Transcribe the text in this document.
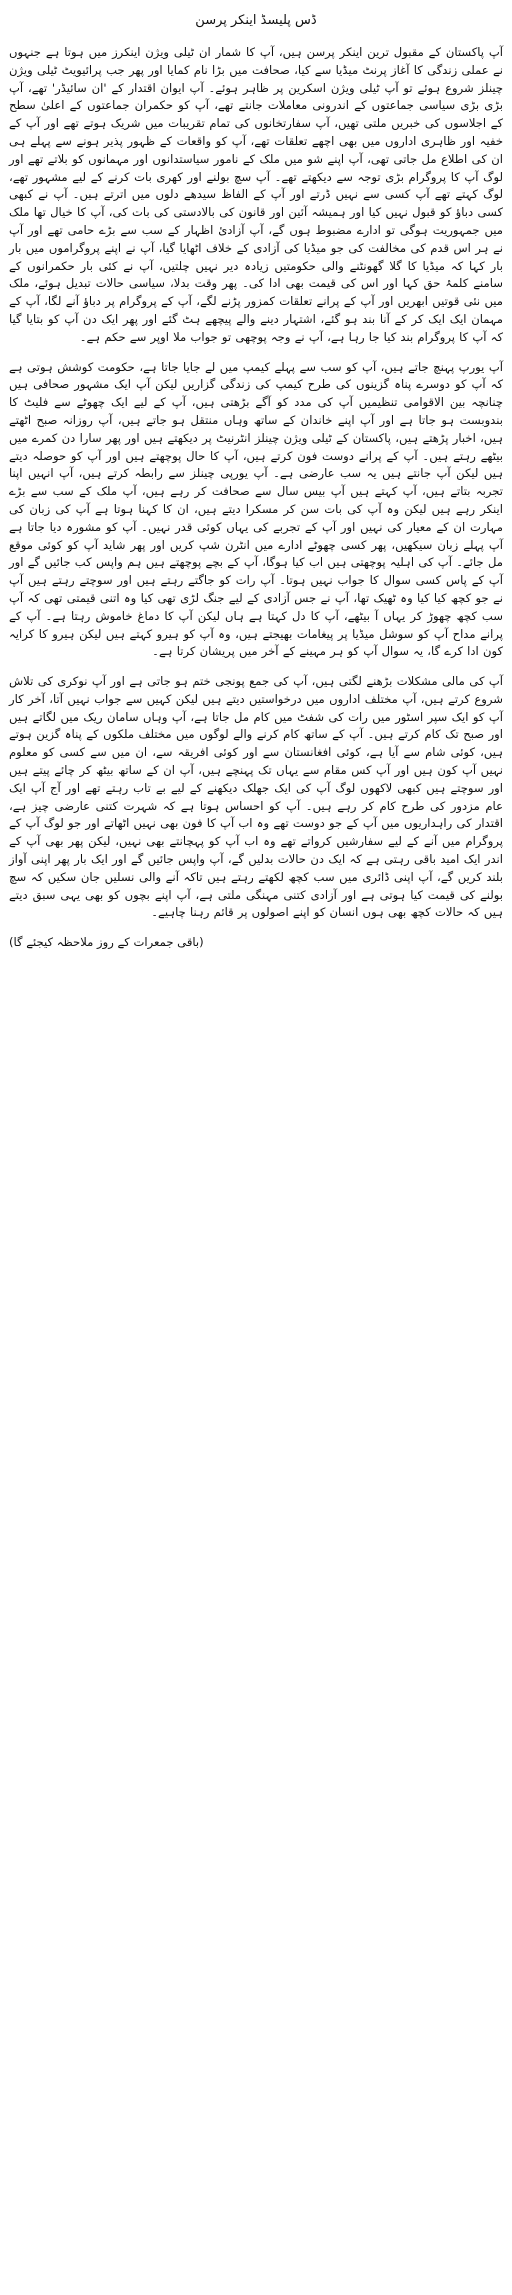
ڈس پلیسڈ اینکر پرسن

آپ پاکستان کے مقبول ترین اینکر پرسن ہیں، آپ کا شمار ان ٹیلی ویژن اینکرز میں ہوتا ہے جنہوں نے عملی زندگی کا آغاز پرنٹ میڈیا سے کیا، صحافت میں بڑا نام کمایا اور پھر جب پرائیویٹ ٹیلی ویژن چینلز شروع ہوئے تو آپ ٹیلی ویژن اسکرین پر ظاہر ہوئے۔ آپ ایوان اقتدار کے 'ان سائیڈر' تھے، آپ بڑی بڑی سیاسی جماعتوں کے اندرونی معاملات جانتے تھے، آپ کو حکمران جماعتوں کے اعلیٰ سطح کے اجلاسوں کی خبریں ملتی تھیں، آپ سفارتخانوں کی تمام تقریبات میں شریک ہوتے تھے اور آپ کے خفیہ اور ظاہری اداروں میں بھی اچھے تعلقات تھے، آپ کو واقعات کے ظہور پذیر ہونے سے پہلے ہی ان کی اطلاع مل جاتی تھی، آپ اپنے شو میں ملک کے نامور سیاستدانوں اور مہمانوں کو بلاتے تھے اور لوگ آپ کا پروگرام بڑی توجہ سے دیکھتے تھے۔ آپ سچ بولنے اور کھری بات کرنے کے لیے مشہور تھے، لوگ کہتے تھے آپ کسی سے نہیں ڈرتے اور آپ کے الفاظ سیدھے دلوں میں اترتے ہیں۔ آپ نے کبھی کسی دباؤ کو قبول نہیں کیا اور ہمیشہ آئین اور قانون کی بالادستی کی بات کی، آپ کا خیال تھا ملک میں جمہوریت ہوگی تو ادارے مضبوط ہوں گے، آپ آزادیٔ اظہار کے سب سے بڑے حامی تھے اور آپ نے ہر اس قدم کی مخالفت کی جو میڈیا کی آزادی کے خلاف اٹھایا گیا، آپ نے اپنے پروگراموں میں بار بار کہا کہ میڈیا کا گلا گھونٹنے والی حکومتیں زیادہ دیر نہیں چلتیں، آپ نے کئی بار حکمرانوں کے سامنے کلمۂ حق کہا اور اس کی قیمت بھی ادا کی۔ پھر وقت بدلا، سیاسی حالات تبدیل ہوئے، ملک میں نئی قوتیں ابھریں اور آپ کے پرانے تعلقات کمزور پڑنے لگے، آپ کے پروگرام پر دباؤ آنے لگا، آپ کے مہمان ایک ایک کر کے آنا بند ہو گئے، اشتہار دینے والے پیچھے ہٹ گئے اور پھر ایک دن آپ کو بتایا گیا کہ آپ کا پروگرام بند کیا جا رہا ہے، آپ نے وجہ پوچھی تو جواب ملا اوپر سے حکم ہے۔

آپ یورپ پہنچ جاتے ہیں، آپ کو سب سے پہلے کیمپ میں لے جایا جاتا ہے، حکومت کوشش ہوتی ہے کہ آپ کو دوسرے پناہ گزینوں کی طرح کیمپ کی زندگی گزاریں لیکن آپ ایک مشہور صحافی ہیں چنانچہ بین الاقوامی تنظیمیں آپ کی مدد کو آگے بڑھتی ہیں، آپ کے لیے ایک چھوٹے سے فلیٹ کا بندوبست ہو جاتا ہے اور آپ اپنے خاندان کے ساتھ وہاں منتقل ہو جاتے ہیں، آپ روزانہ صبح اٹھتے ہیں، اخبار پڑھتے ہیں، پاکستان کے ٹیلی ویژن چینلز انٹرنیٹ پر دیکھتے ہیں اور پھر سارا دن کمرے میں بیٹھے رہتے ہیں۔ آپ کے پرانے دوست فون کرتے ہیں، آپ کا حال پوچھتے ہیں اور آپ کو حوصلہ دیتے ہیں لیکن آپ جانتے ہیں یہ سب عارضی ہے۔ آپ یورپی چینلز سے رابطہ کرتے ہیں، آپ انہیں اپنا تجربہ بتاتے ہیں، آپ کہتے ہیں آپ بیس سال سے صحافت کر رہے ہیں، آپ ملک کے سب سے بڑے اینکر رہے ہیں لیکن وہ آپ کی بات سن کر مسکرا دیتے ہیں، ان کا کہنا ہوتا ہے آپ کی زبان کی مہارت ان کے معیار کی نہیں اور آپ کے تجربے کی یہاں کوئی قدر نہیں۔ آپ کو مشورہ دیا جاتا ہے آپ پہلے زبان سیکھیں، پھر کسی چھوٹے ادارے میں انٹرن شپ کریں اور پھر شاید آپ کو کوئی موقع مل جائے۔ آپ کی اہلیہ پوچھتی ہیں اب کیا ہوگا، آپ کے بچے پوچھتے ہیں ہم واپس کب جائیں گے اور آپ کے پاس کسی سوال کا جواب نہیں ہوتا۔ آپ رات کو جاگتے رہتے ہیں اور سوچتے رہتے ہیں آپ نے جو کچھ کیا کیا وہ ٹھیک تھا، آپ نے جس آزادی کے لیے جنگ لڑی تھی کیا وہ اتنی قیمتی تھی کہ آپ سب کچھ چھوڑ کر یہاں آ بیٹھے، آپ کا دل کہتا ہے ہاں لیکن آپ کا دماغ خاموش رہتا ہے۔ آپ کے پرانے مداح آپ کو سوشل میڈیا پر پیغامات بھیجتے ہیں، وہ آپ کو ہیرو کہتے ہیں لیکن ہیرو کا کرایہ کون ادا کرے گا، یہ سوال آپ کو ہر مہینے کے آخر میں پریشان کرتا ہے۔

آپ کی مالی مشکلات بڑھنے لگتی ہیں، آپ کی جمع پونجی ختم ہو جاتی ہے اور آپ نوکری کی تلاش شروع کرتے ہیں، آپ مختلف اداروں میں درخواستیں دیتے ہیں لیکن کہیں سے جواب نہیں آتا، آخر کار آپ کو ایک سپر اسٹور میں رات کی شفٹ میں کام مل جاتا ہے، آپ وہاں سامان ریک میں لگاتے ہیں اور صبح تک کام کرتے ہیں۔ آپ کے ساتھ کام کرنے والے لوگوں میں مختلف ملکوں کے پناہ گزین ہوتے ہیں، کوئی شام سے آیا ہے، کوئی افغانستان سے اور کوئی افریقہ سے، ان میں سے کسی کو معلوم نہیں آپ کون ہیں اور آپ کس مقام سے یہاں تک پہنچے ہیں، آپ ان کے ساتھ بیٹھ کر چائے پیتے ہیں اور سوچتے ہیں کبھی لاکھوں لوگ آپ کی ایک جھلک دیکھنے کے لیے بے تاب رہتے تھے اور آج آپ ایک عام مزدور کی طرح کام کر رہے ہیں۔ آپ کو احساس ہوتا ہے کہ شہرت کتنی عارضی چیز ہے، اقتدار کی راہداریوں میں آپ کے جو دوست تھے وہ اب آپ کا فون بھی نہیں اٹھاتے اور جو لوگ آپ کے پروگرام میں آنے کے لیے سفارشیں کرواتے تھے وہ اب آپ کو پہچانتے بھی نہیں، لیکن پھر بھی آپ کے اندر ایک امید باقی رہتی ہے کہ ایک دن حالات بدلیں گے، آپ واپس جائیں گے اور ایک بار پھر اپنی آواز بلند کریں گے، آپ اپنی ڈائری میں سب کچھ لکھتے رہتے ہیں تاکہ آنے والی نسلیں جان سکیں کہ سچ بولنے کی قیمت کیا ہوتی ہے اور آزادی کتنی مہنگی ملتی ہے، آپ اپنے بچوں کو بھی یہی سبق دیتے ہیں کہ حالات کچھ بھی ہوں انسان کو اپنے اصولوں پر قائم رہنا چاہیے۔

(باقی جمعرات کے روز ملاحظہ کیجئے گا)
